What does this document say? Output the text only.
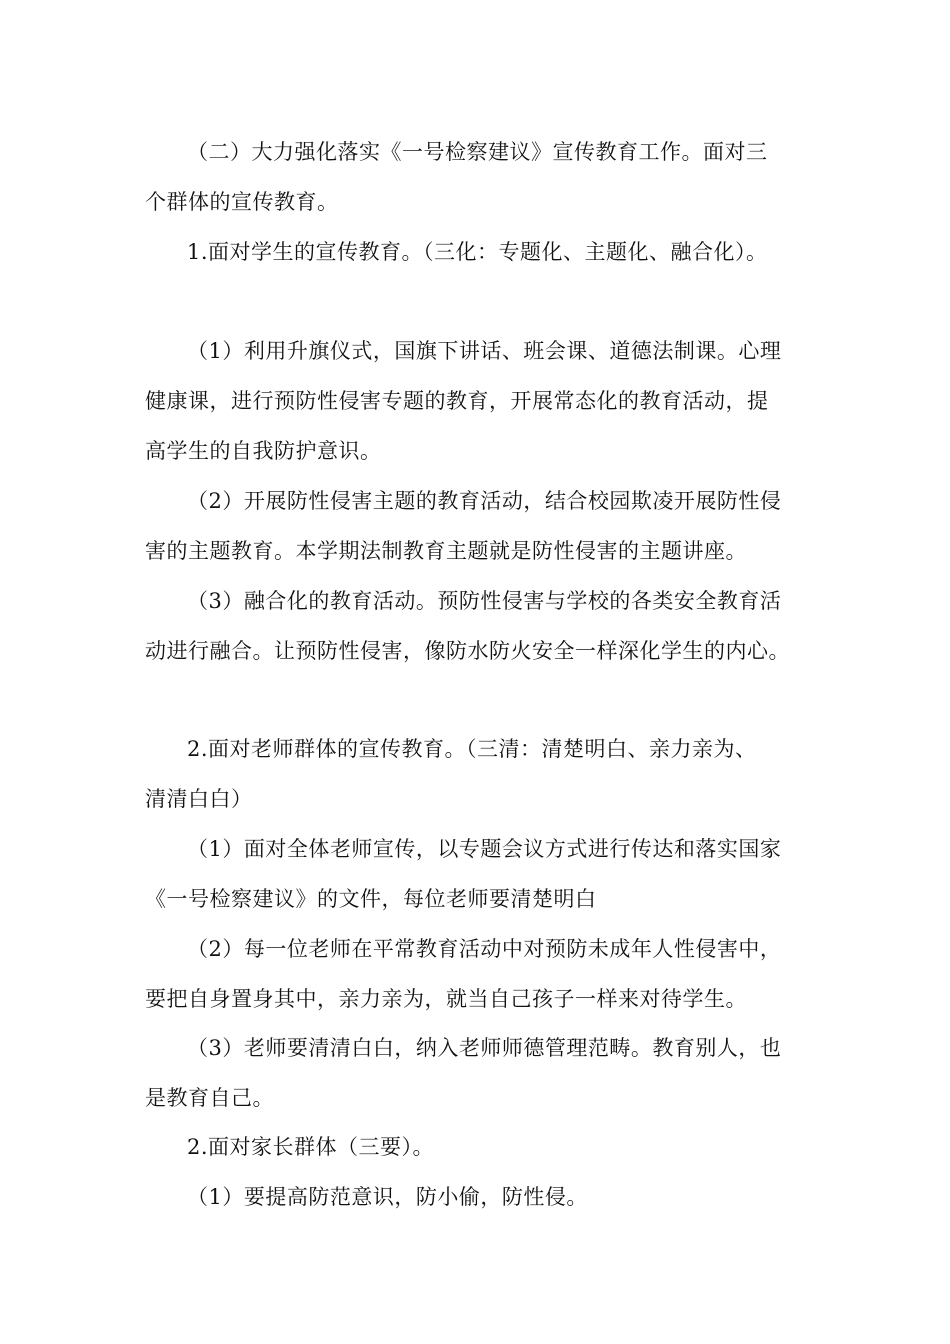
（二）大力强化落实《一号检察建议》宣传教育工作。面对三
个群体的宣传教育。
1.面对学生的宣传教育。（三化：专题化、主题化、融合化）。
（1）利用升旗仪式，国旗下讲话、班会课、道德法制课。心理
健康课，进行预防性侵害专题的教育，开展常态化的教育活动，提
高学生的自我防护意识。
（2）开展防性侵害主题的教育活动，结合校园欺凌开展防性侵
害的主题教育。本学期法制教育主题就是防性侵害的主题讲座。
（3）融合化的教育活动。预防性侵害与学校的各类安全教育活
动进行融合。让预防性侵害，像防水防火安全一样深化学生的内心。
2.面对老师群体的宣传教育。（三清：清楚明白、亲力亲为、
清清白白）
（1）面对全体老师宣传，以专题会议方式进行传达和落实国家
《一号检察建议》的文件，每位老师要清楚明白
（2）每一位老师在平常教育活动中对预防未成年人性侵害中，
要把自身置身其中，亲力亲为，就当自己孩子一样来对待学生。
（3）老师要清清白白，纳入老师师德管理范畴。教育别人，也
是教育自己。
2.面对家长群体（三要）。
（1）要提高防范意识，防小偷，防性侵。
